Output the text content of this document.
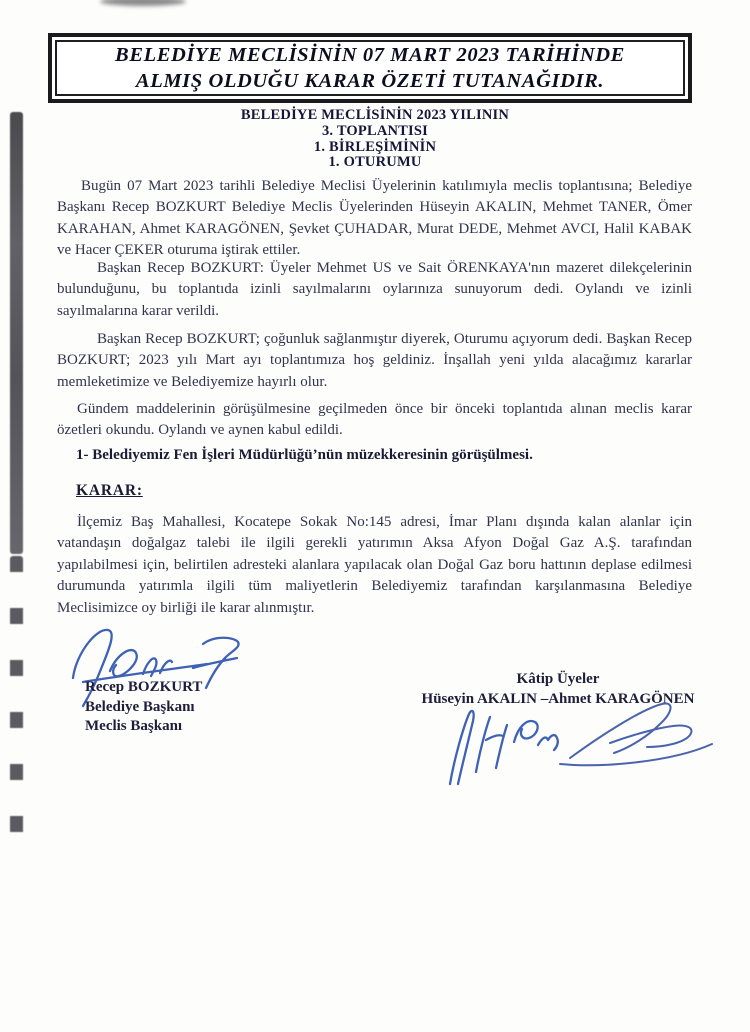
BELEDİYE MECLİSİNİN 07 MART 2023 TARİHİNDE
ALMIŞ OLDUĞU KARAR ÖZETİ TUTANAĞIDIR.
BELEDİYE MECLİSİNİN 2023 YILININ
3. TOPLANTISI
1. BİRLEŞİMİNİN
1. OTURUMU

Bugün 07 Mart 2023 tarihli Belediye Meclisi Üyelerinin katılımıyla meclis toplantısına; Belediye Başkanı Recep BOZKURT Belediye Meclis Üyelerinden Hüseyin AKALIN, Mehmet TANER, Ömer KARAHAN, Ahmet KARAGÖNEN, Şevket ÇUHADAR, Murat DEDE, Mehmet AVCI, Halil KABAK ve Hacer ÇEKER oturuma iştirak ettiler.

Başkan Recep BOZKURT: Üyeler Mehmet US ve Sait ÖRENKAYA'nın mazeret dilekçelerinin bulunduğunu, bu toplantıda izinli sayılmalarını oylarınıza sunuyorum dedi. Oylandı ve izinli sayılmalarına karar verildi.

Başkan Recep BOZKURT; çoğunluk sağlanmıştır diyerek, Oturumu açıyorum dedi. Başkan Recep BOZKURT; 2023 yılı Mart ayı toplantımıza hoş geldiniz. İnşallah yeni yılda alacağımız kararlar memleketimize ve Belediyemize hayırlı olur.

Gündem maddelerinin görüşülmesine geçilmeden önce bir önceki toplantıda alınan meclis karar özetleri okundu. Oylandı ve aynen kabul edildi.

1- Belediyemiz Fen İşleri Müdürlüğü’nün müzekkeresinin görüşülmesi.
KARAR:

İlçemiz Baş Mahallesi, Kocatepe Sokak No:145 adresi, İmar Planı dışında kalan alanlar için vatandaşın doğalgaz talebi ile ilgili gerekli yatırımın Aksa Afyon Doğal Gaz A.Ş. tarafından yapılabilmesi için, belirtilen adresteki alanlara yapılacak olan Doğal Gaz boru hattının deplase edilmesi durumunda yatırımla ilgili tüm maliyetlerin Belediyemiz tarafından karşılanmasına Belediye Meclisimizce oy birliği ile karar alınmıştır.

Recep BOZKURT
Belediye Başkanı
Meclis Başkanı
Kâtip Üyeler
Hüseyin AKALIN –Ahmet KARAGÖNEN
